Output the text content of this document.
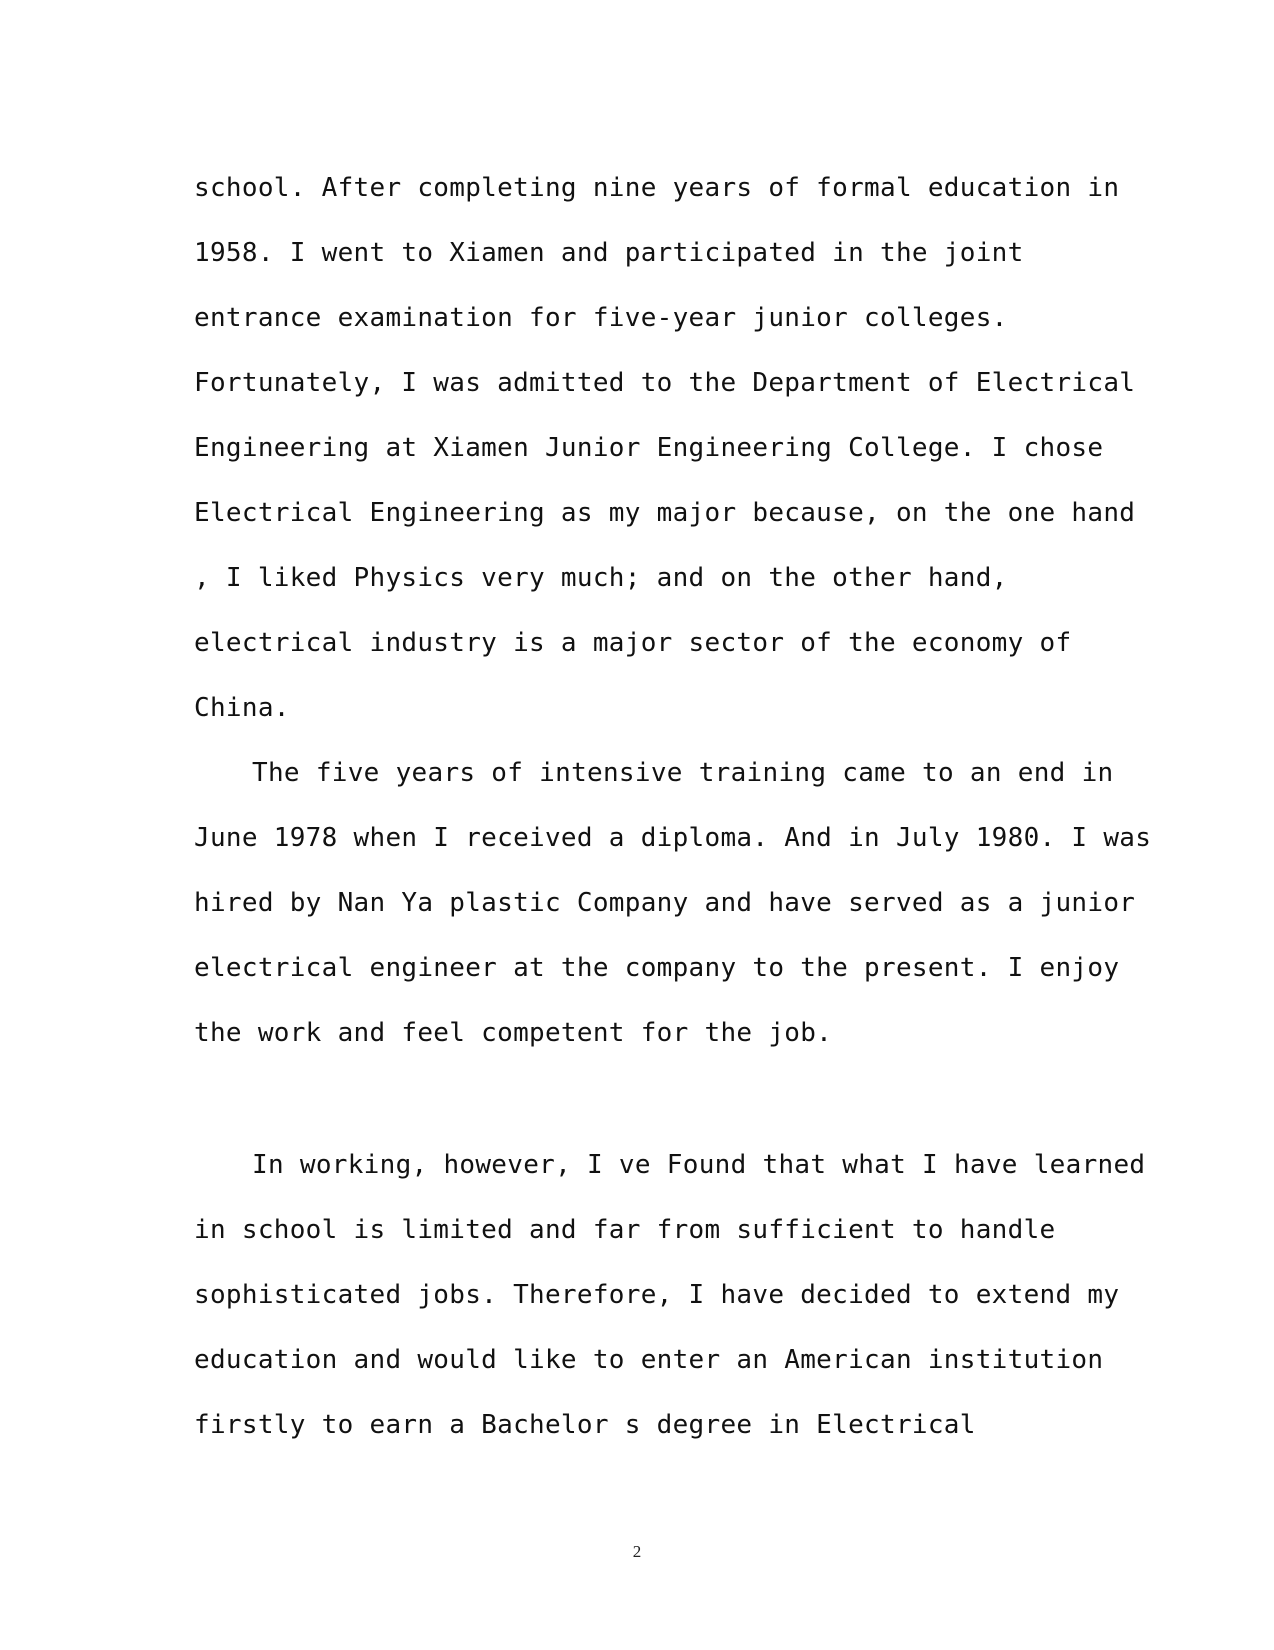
school. After completing nine years of formal education in
1958. I went to Xiamen and participated in the joint
entrance examination for five-year junior colleges.
Fortunately, I was admitted to the Department of Electrical
Engineering at Xiamen Junior Engineering College. I chose
Electrical Engineering as my major because, on the one hand
, I liked Physics very much; and on the other hand,
electrical industry is a major sector of the economy of
China.
The five years of intensive training came to an end in
June 1978 when I received a diploma. And in July 1980. I was
hired by Nan Ya plastic Company and have served as a junior
electrical engineer at the company to the present. I enjoy
the work and feel competent for the job.
In working, however, I ve Found that what I have learned
in school is limited and far from sufficient to handle
sophisticated jobs. Therefore, I have decided to extend my
education and would like to enter an American institution
firstly to earn a Bachelor s degree in Electrical
2
